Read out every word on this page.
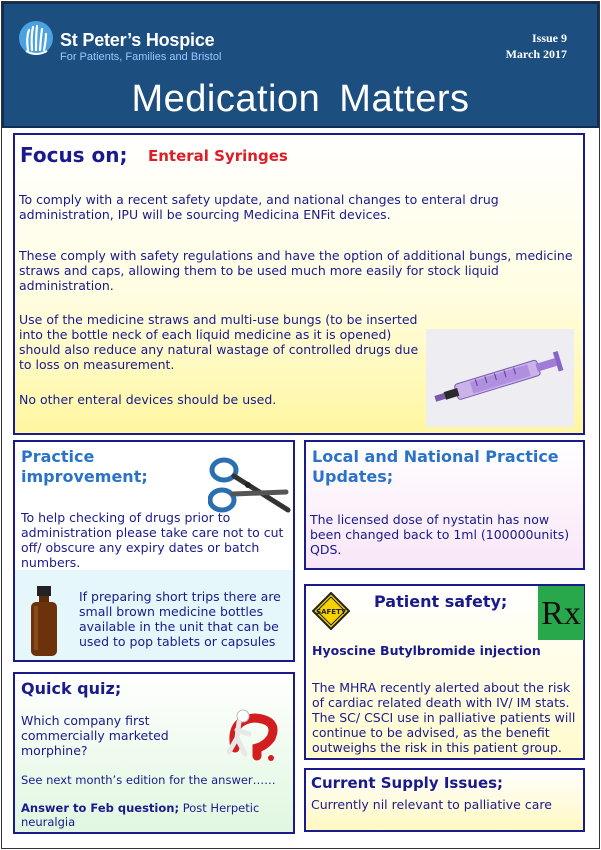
St Peter’s Hospice
For Patients, Families and Bristol
Issue 9
March 2017
Medication Matters
Focus on; Enteral Syringes

To comply with a recent safety update, and national changes to enteral drug administration, IPU will be sourcing Medicina ENFit devices.

These comply with safety regulations and have the option of additional bungs, medicine straws and caps, allowing them to be used much more easily for stock liquid administration.

Use of the medicine straws and multi-use bungs (to be inserted into the bottle neck of each liquid medicine as it is opened) should also reduce any natural wastage of controlled drugs due to loss on measurement.

No other enteral devices should be used.

Practice improvement;

To help checking of drugs prior to administration please take care not to cut off/ obscure any expiry dates or batch numbers.

If preparing short trips there are small brown medicine bottles available in the unit that can be used to pop tablets or capsules

Local and National Practice Updates;

The licensed dose of nystatin has now been changed back to 1ml (100000units) QDS.

SAFETY
Patient safety; Rx
Hyoscine Butylbromide injection

The MHRA recently alerted about the risk of cardiac related death with IV/ IM stats. The SC/ CSCI use in palliative patients will continue to be advised, as the benefit outweighs the risk in this patient group.

Quick quiz;

Which company first commercially marketed morphine?

See next month’s edition for the answer……

Answer to Feb question; Post Herpetic neuralgia

Current Supply Issues;

Currently nil relevant to palliative care
